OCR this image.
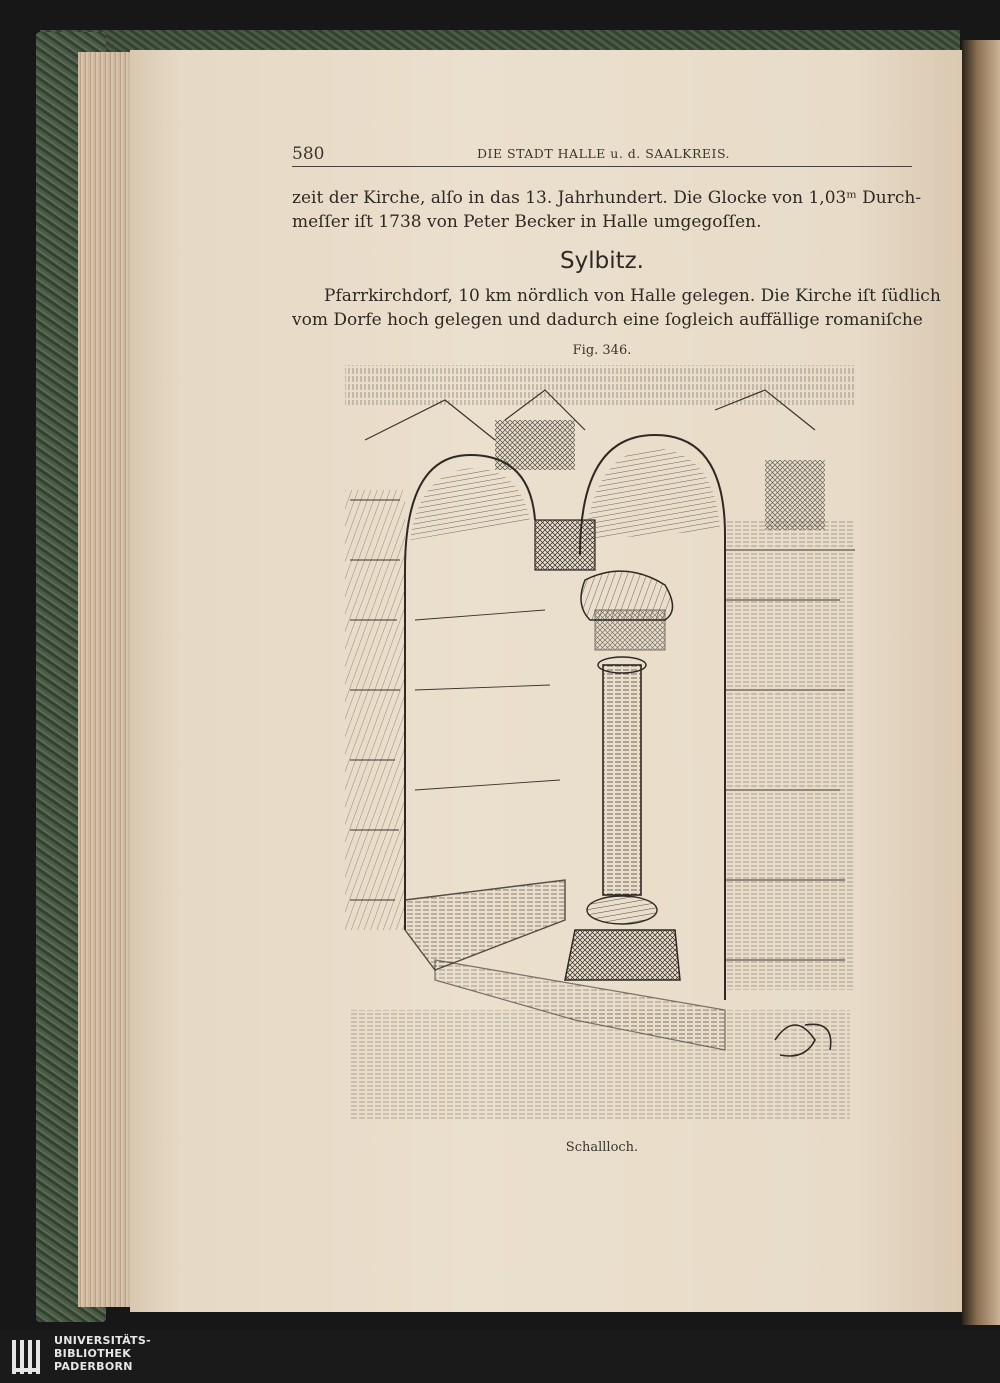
580	DIE STADT HALLE u. d. SAALKREIS.

zeit der Kirche, alſo in das 13. Jahrhundert. Die Glocke von 1,03ᵐ Durch-
meſſer iſt 1738 von Peter Becker in Halle umgegoſſen.

Sylbitz.

Pfarrkirchdorf, 10 km nördlich von Halle gelegen. Die Kirche iſt ſüdlich
vom Dorfe hoch gelegen und dadurch eine ſogleich auffällige romaniſche

Fig. 346.
Schallloch.
UNIVERSITÄTS-
BIBLIOTHEK
PADERBORN
